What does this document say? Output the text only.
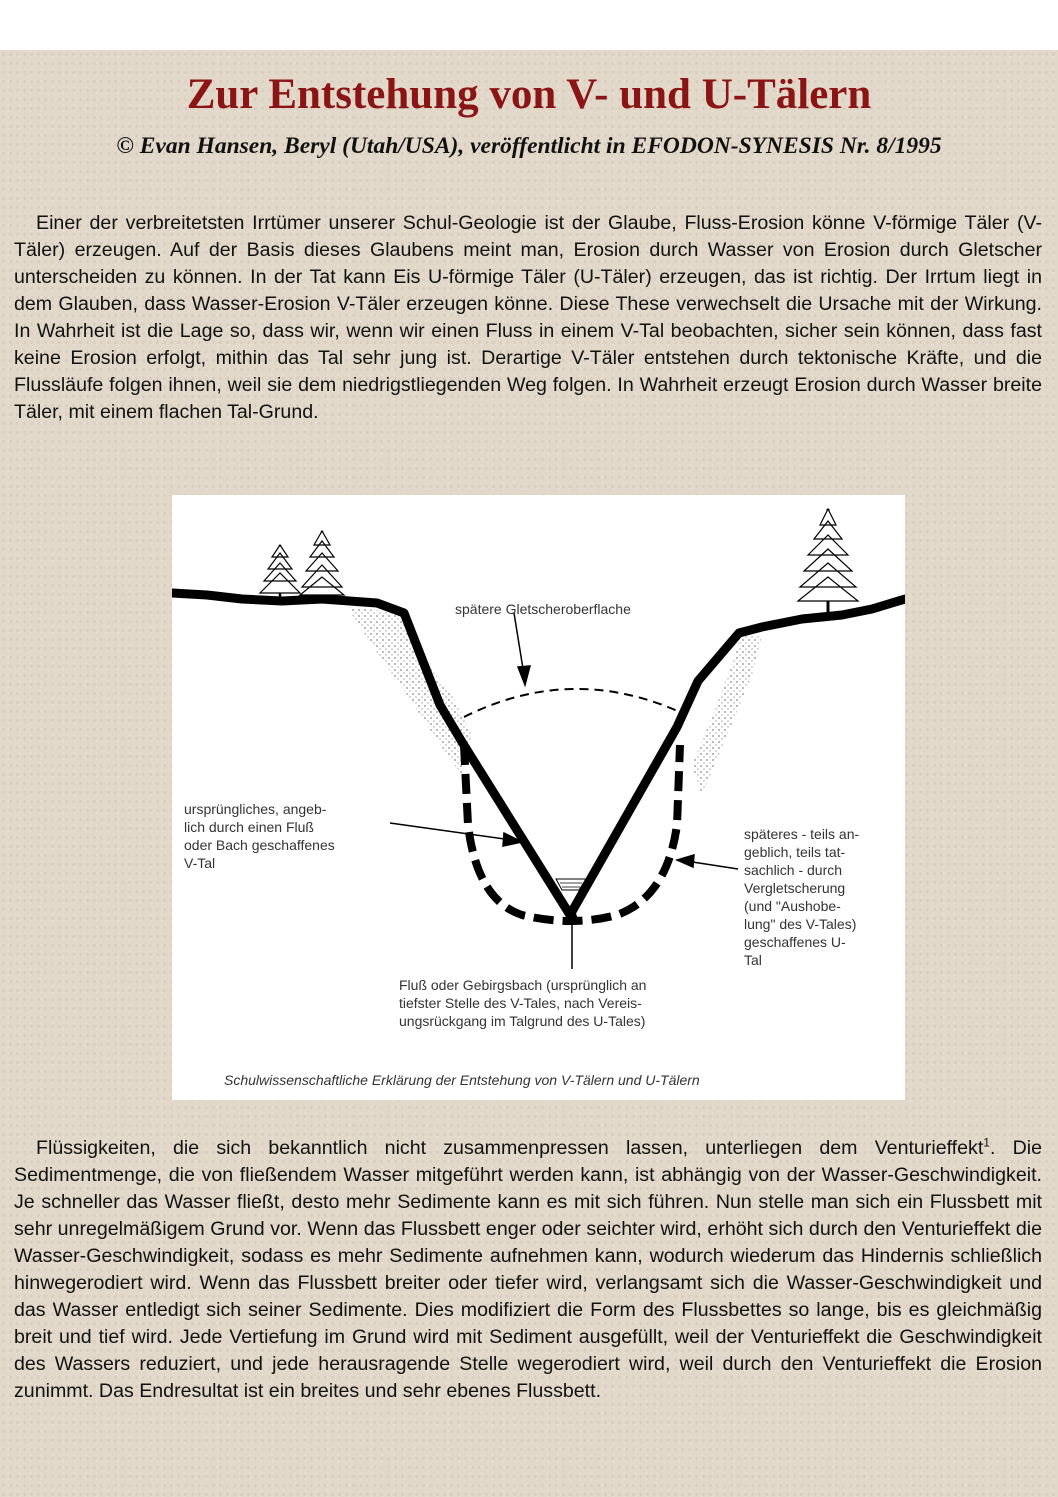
Zur Entstehung von V- und U-Tälern

© Evan Hansen, Beryl (Utah/USA), veröffentlicht in EFODON-SYNESIS Nr. 8/1995

Einer der verbreitetsten Irrtümer unserer Schul-Geologie ist der Glaube, Fluss-Erosion könne V-förmige Täler (V-Täler) erzeugen. Auf der Basis dieses Glaubens meint man, Erosion durch Wasser von Erosion durch Gletscher unterscheiden zu können. In der Tat kann Eis U-förmige Täler (U-Täler) erzeugen, das ist richtig. Der Irrtum liegt in dem Glauben, dass Wasser-Erosion V-Täler erzeugen könne. Diese These verwechselt die Ursache mit der Wirkung. In Wahrheit ist die Lage so, dass wir, wenn wir einen Fluss in einem V-Tal beobachten, sicher sein können, dass fast keine Erosion erfolgt, mithin das Tal sehr jung ist. Derartige V-Täler entstehen durch tektonische Kräfte, und die Flussläufe folgen ihnen, weil sie dem niedrigstliegenden Weg folgen. In Wahrheit erzeugt Erosion durch Wasser breite Täler, mit einem flachen Tal-Grund.

spätere Gletscheroberflache
ursprüngliches, angeb- lich durch einen Fluß oder Bach geschaffenes V-Tal
späteres - teils an- geblich, teils tat- sachlich - durch Vergletscherung (und "Aushobe- lung" des V-Tales) geschaffenes U- Tal
Fluß oder Gebirgsbach (ursprünglich an tiefster Stelle des V-Tales, nach Vereis- ungsrückgang im Talgrund des U-Tales)
Schulwissenschaftliche Erklärung der Entstehung von V-Tälern und U-Tälern

Flüssigkeiten, die sich bekanntlich nicht zusammenpressen lassen, unterliegen dem Venturieffekt$^1$. Die Sedimentmenge, die von fließendem Wasser mitgeführt werden kann, ist abhängig von der Wasser-Geschwindigkeit. Je schneller das Wasser fließt, desto mehr Sedimente kann es mit sich führen. Nun stelle man sich ein Flussbett mit sehr unregelmäßigem Grund vor. Wenn das Flussbett enger oder seichter wird, erhöht sich durch den Venturieffekt die Wasser-Geschwindigkeit, sodass es mehr Sedimente aufnehmen kann, wodurch wiederum das Hindernis schließlich hinwegerodiert wird. Wenn das Flussbett breiter oder tiefer wird, verlangsamt sich die Wasser-Geschwindigkeit und das Wasser entledigt sich seiner Sedimente. Dies modifiziert die Form des Flussbettes so lange, bis es gleichmäßig breit und tief wird. Jede Vertiefung im Grund wird mit Sediment ausgefüllt, weil der Venturieffekt die Geschwindigkeit des Wassers reduziert, und jede herausragende Stelle wegerodiert wird, weil durch den Venturieffekt die Erosion zunimmt. Das Endresultat ist ein breites und sehr ebenes Flussbett.
